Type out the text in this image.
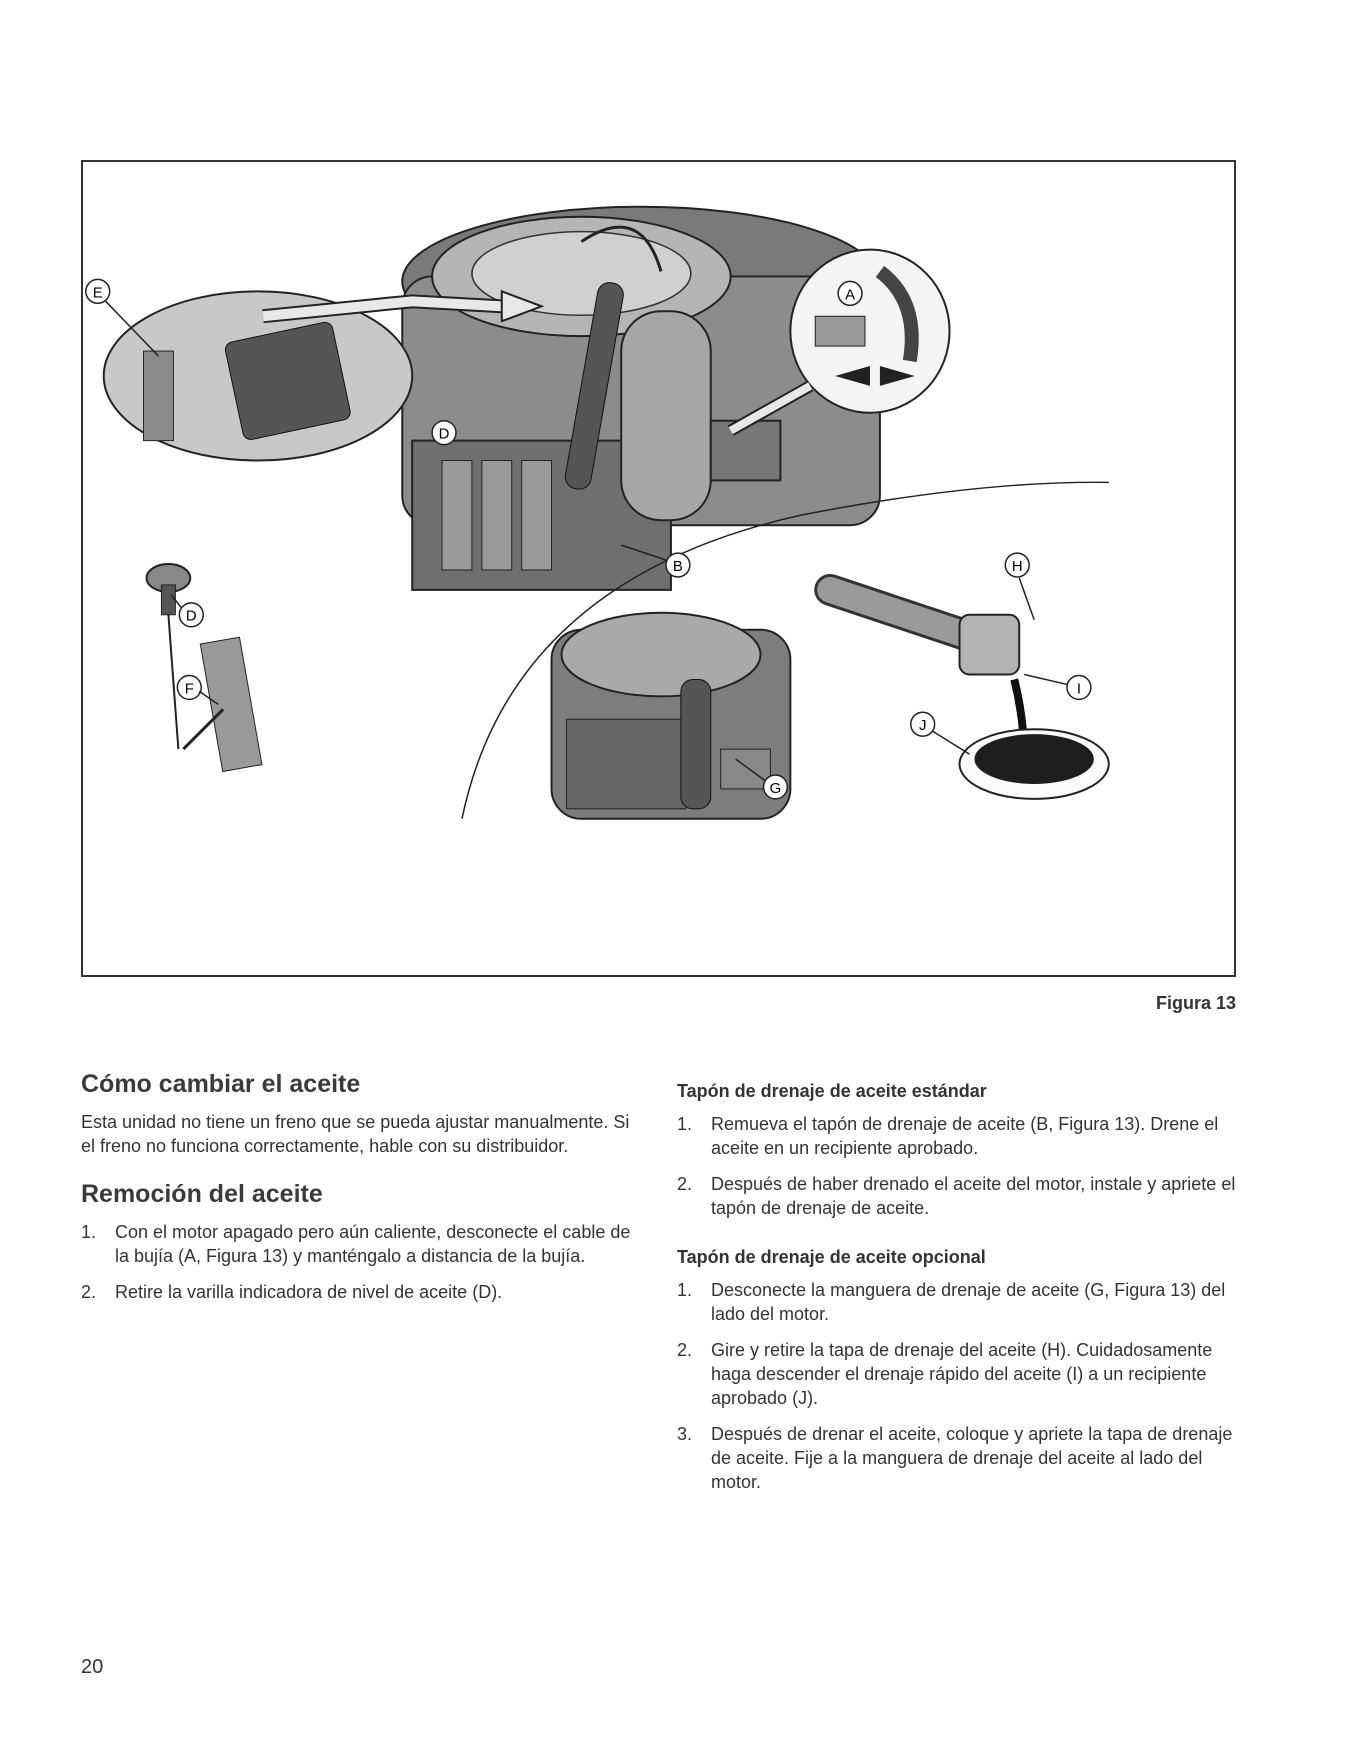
E	A
D
B
D
F
H
I
J
G
Figura 13
Cómo cambiar el aceite

Esta unidad no tiene un freno que se pueda ajustar manualmente. Si el freno no funciona correctamente, hable con su distribuidor.

Remoción del aceite
1. Con el motor apagado pero aún caliente, desconecte el cable de la bujía (A, Figura 13) y manténgalo a distancia de la bujía.
2. Retire la varilla indicadora de nivel de aceite (D).
Tapón de drenaje de aceite estándar
1. Remueva el tapón de drenaje de aceite (B, Figura 13). Drene el aceite en un recipiente aprobado.
2. Después de haber drenado el aceite del motor, instale y apriete el tapón de drenaje de aceite.
Tapón de drenaje de aceite opcional
1. Desconecte la manguera de drenaje de aceite (G, Figura 13) del lado del motor.
2. Gire y retire la tapa de drenaje del aceite (H). Cuidadosamente haga descender el drenaje rápido del aceite (I) a un recipiente aprobado (J).
3. Después de drenar el aceite, coloque y apriete la tapa de drenaje de aceite. Fije a la manguera de drenaje del aceite al lado del motor.
20
